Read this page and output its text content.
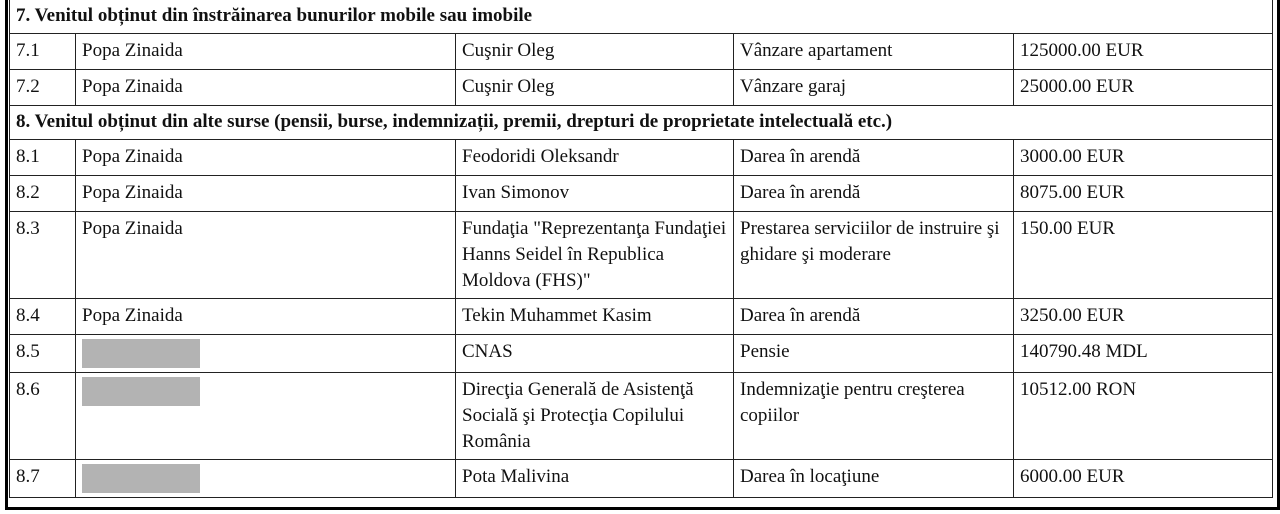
7. Venitul obținut din înstrăinarea bunurilor mobile sau imobile				
7.1	Popa Zinaida	Cuşnir Oleg	Vânzare apartament	125000.00 EUR
7.2	Popa Zinaida	Cuşnir Oleg	Vânzare garaj	25000.00 EUR
8. Venitul obținut din alte surse (pensii, burse, indemnizații, premii, drepturi de proprietate intelectuală etc.)				
8.1	Popa Zinaida	Feodoridi Oleksandr	Darea în arendă	3000.00 EUR
8.2	Popa Zinaida	Ivan Simonov	Darea în arendă	8075.00 EUR
8.3	Popa Zinaida	Fundaţia "Reprezentanţa Fundaţiei Hanns Seidel în Republica Moldova (FHS)"	Prestarea serviciilor de instruire şi ghidare şi moderare	150.00 EUR
8.4	Popa Zinaida	Tekin Muhammet Kasim	Darea în arendă	3250.00 EUR
8.5		CNAS	Pensie	140790.48 MDL
8.6		Direcţia Generală de Asistenţă Socială şi Protecţia Copilului România	Indemnizaţie pentru creşterea copiilor	10512.00 RON
8.7		Pota Malivina	Darea în locaţiune	6000.00 EUR
